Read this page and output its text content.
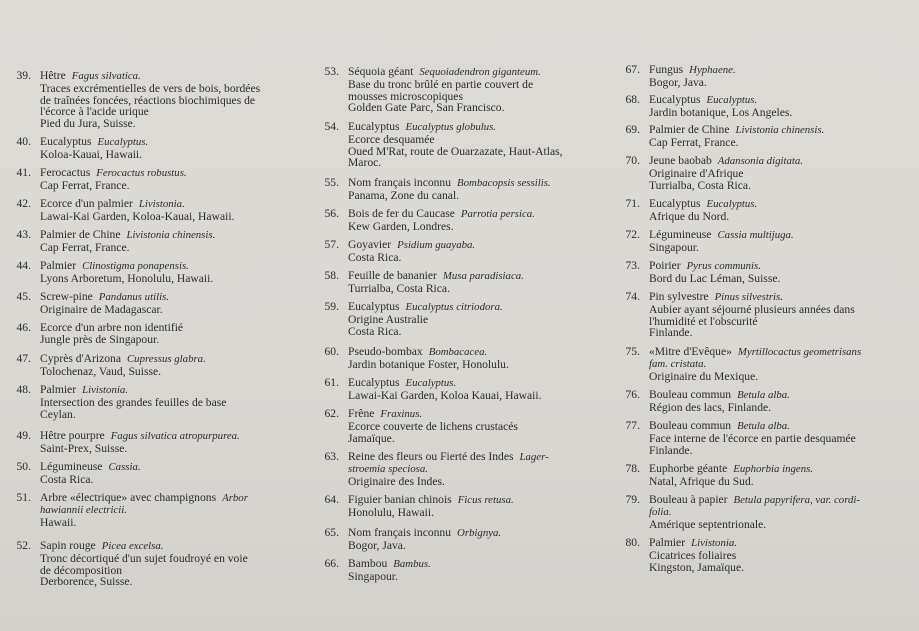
39. Hêtre Fagus silvatica.
Traces excrémentielles de vers de bois, bordées
de traînées foncées, réactions biochimiques de
l'écorce à l'acide urique
Pied du Jura, Suisse.
40. Eucalyptus Eucalyptus.
Koloa-Kauai, Hawaii.
41. Ferocactus Ferocactus robustus.
Cap Ferrat, France.
42. Ecorce d'un palmier Livistonia.
Lawai-Kai Garden, Koloa-Kauai, Hawaii.
43. Palmier de Chine Livistonia chinensis.
Cap Ferrat, France.
44. Palmier Clinostigma ponapensis.
Lyons Arboretum, Honolulu, Hawaii.
45. Screw-pine Pandanus utilis.
Originaire de Madagascar.
46. Ecorce d'un arbre non identifié
Jungle près de Singapour.
47. Cyprès d'Arizona Cupressus glabra.
Tolochenaz, Vaud, Suisse.
48. Palmier Livistonia.
Intersection des grandes feuilles de base
Ceylan.
49. Hêtre pourpre Fagus silvatica atropurpurea.
Saint-Prex, Suisse.
50. Légumineuse Cassia.
Costa Rica.
51. Arbre «électrique» avec champignons Arbor
hawiannii electricii.
Hawaii.
52. Sapin rouge Picea excelsa.
Tronc décortiqué d'un sujet foudroyé en voie
de décomposition
Derborence, Suisse.
53. Séquoia géant Sequoiadendron giganteum.
Base du tronc brûlé en partie couvert de
mousses microscopiques
Golden Gate Parc, San Francisco.
54. Eucalyptus Eucalyptus globulus.
Ecorce desquamée
Oued M'Rat, route de Ouarzazate, Haut-Atlas,
Maroc.
55. Nom français inconnu Bombacopsis sessilis.
Panama, Zone du canal.
56. Bois de fer du Caucase Parrotia persica.
Kew Garden, Londres.
57. Goyavier Psidium guayaba.
Costa Rica.
58. Feuille de bananier Musa paradisiaca.
Turrialba, Costa Rica.
59. Eucalyptus Eucalyptus citriodora.
Origine Australie
Costa Rica.
60. Pseudo-bombax Bombacacea.
Jardin botanique Foster, Honolulu.
61. Eucalyptus Eucalyptus.
Lawai-Kai Garden, Koloa Kauai, Hawaii.
62. Frêne Fraxinus.
Ecorce couverte de lichens crustacés
Jamaïque.
63. Reine des fleurs ou Fierté des Indes Lager-
stroemia speciosa.
Originaire des Indes.
64. Figuier banian chinois Ficus retusa.
Honolulu, Hawaii.
65. Nom français inconnu Orbignya.
Bogor, Java.
66. Bambou Bambus.
Singapour.
67. Fungus Hyphaene.
Bogor, Java.
68. Eucalyptus Eucalyptus.
Jardin botanique, Los Angeles.
69. Palmier de Chine Livistonia chinensis.
Cap Ferrat, France.
70. Jeune baobab Adansonia digitata.
Originaire d'Afrique
Turrialba, Costa Rica.
71. Eucalyptus Eucalyptus.
Afrique du Nord.
72. Légumineuse Cassia multijuga.
Singapour.
73. Poirier Pyrus communis.
Bord du Lac Léman, Suisse.
74. Pin sylvestre Pinus silvestris.
Aubier ayant séjourné plusieurs années dans
l'humidité et l'obscurité
Finlande.
75. «Mitre d'Evêque» Myrtillocactus geometrisans
fam. cristata.
Originaire du Mexique.
76. Bouleau commun Betula alba.
Région des lacs, Finlande.
77. Bouleau commun Betula alba.
Face interne de l'écorce en partie desquamée
Finlande.
78. Euphorbe géante Euphorbia ingens.
Natal, Afrique du Sud.
79. Bouleau à papier Betula papyrifera, var. cordi-
folia.
Amérique septentrionale.
80. Palmier Livistonia.
Cicatrices foliaires
Kingston, Jamaïque.
